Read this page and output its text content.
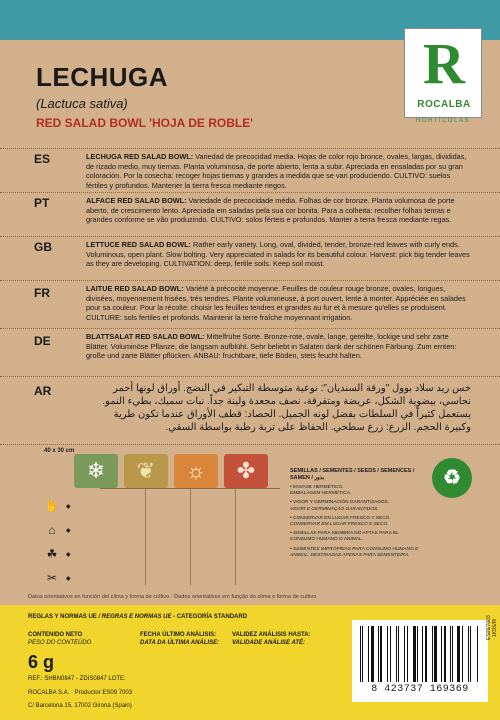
R
ROCALBA
HORTÍCOLAS
LECHUGA
(Lactuca sativa)
RED SALAD BOWL 'HOJA DE ROBLE'
ES	LECHUGA RED SALAD BOWL: Variedad de precocidad media. Hojas de color rojo bronce, ovales, largas, divididas, de rizado medio, muy tiernas. Planta voluminosa, de porte abierto, lenta a subir. Apreciada en ensaladas por su gran coloración. Por la cosecha: recoger hojas tiernas y grandes a medida que se van produciendo. CULTIVO: suelos fértiles y profundos. Mantener la tierra fresca mediante riegos.
PT	ALFACE RED SALAD BOWL: Variedade de precocidade média. Folhas de cor bronze. Planta volumosa de porte aberto, de crescimento lento. Apreciada em saladas pela sua cor bonita. Para a colheita: recolher folhas tenras e grandes conforme se vão produzindo. CULTIVO: solos férteis e profundos. Manter a terra fresca mediante regas.
GB	LETTUCE RED SALAD BOWL: Rather early variety. Long, oval, divided, tender, bronze-red leaves with curly ends. Voluminous, open plant. Slow bolting. Very appreciated in salads for its beautiful colour. Harvest: pick big tender leaves as they are developing. CULTIVATION: deep, fertile soils. Keep soil moist.
FR	LAITUE RED SALAD BOWL: Variété à précocité moyenne. Feuilles de couleur rouge bronze, ovales, longues, divisées, moyennement frisées, très tendres. Plante volumineuse, à port ouvert, lente à monter. Appréciée en salades pour sa couleur. Pour la récolte: choisir les feuilles tendres et grandes au fur et à mesure qu'elles se produisent. CULTURE: sols fertiles et profonds. Maintenir la terre fraîche moyennant irrigation.
DE	BLATTSALAT RED SALAD BOWL: Mittelfrühe Sorte. Bronze-rote, ovale, lange, geteilte, lockige und sehr zarte Blätter. Voluminöse Pflanze, die langsam aufblüht. Sehr beliebt in Salaten dank der schönen Färbung. Zum ernten: große und zarte Blätter pflücken. ANBAU: fruchtbare, tiefe Böden, stets feucht halten.
AR	خس ريد سلاد بوول "ورقة السنديان": نوعية متوسطة التبكير في النضج. أوراق لونها أحمر نحاسي، بيضوية الشكل، عريضة ومتفرقة، نصف مجعدة ولينة جداً. نبات سميك، بطيء النمو. يستعمل كثيراً في السلطات بفضل لونه الجميل. الحصاد: قطف الأوراق عندما تكون طرية وكبيرة الحجم. الزرع: زرع سطحي. الحفاظ على تربة رطبة بواسطة السقي.
40 x 30 cm
❄	❦	☼	✤
✋	◆
⌂	◆
☘	◆
✂	◆
SEMILLAS / SEMENTES / SEEDS / SEMENCES / SAMEN / بذور
• ENVASE HERMÉTICO.
EMBALAGEM HERMÉTICA.
• VIGOR Y GERMINACIÓN GARANTIZADOS.
VIGOR E GERMINAÇÃO GARANTIDOS.
• CONSERVAR EN LUGAR FRESCO Y SECO.
CONSERVAR EM LUGAR FRESCO E SECO.
• SEMILLAS PARA SIEMBRA NO APTAS PARA EL CONSUMO HUMANO O ANIMAL.
• SEMENTES IMPRÓPRIAS PARA CONSUMO HUMANO E ANIMAL. DESTINADAS APENAS PARA SEMENTEIRA.
♻
Datos orientativos en función del clima y forma de cultivo · Dados orientativos em função do clima e forma de cultivo
REGLAS Y NORMAS UE / REGRAS E NORMAS UE - CATEGORÍA STANDARD
CONTENIDO NETO
PESO DO CONTEÚDO
6 g
FECHA ÚLTIMO ANÁLISIS:
DATA DA ÚLTIMA ANÁLISE:
VALIDEZ ANÁLISIS HASTA:
VALIDADE ANÁLISE ATÉ:
REF.: SHBN0847 - ZDIS0847 LOTE:
ROCALBA S.A. · Productor ES09 7003
C/ Barcelona 15, 17002 Girona (Spain)
8 423737 169369
ES09/7003 · 1K9S/Ri
